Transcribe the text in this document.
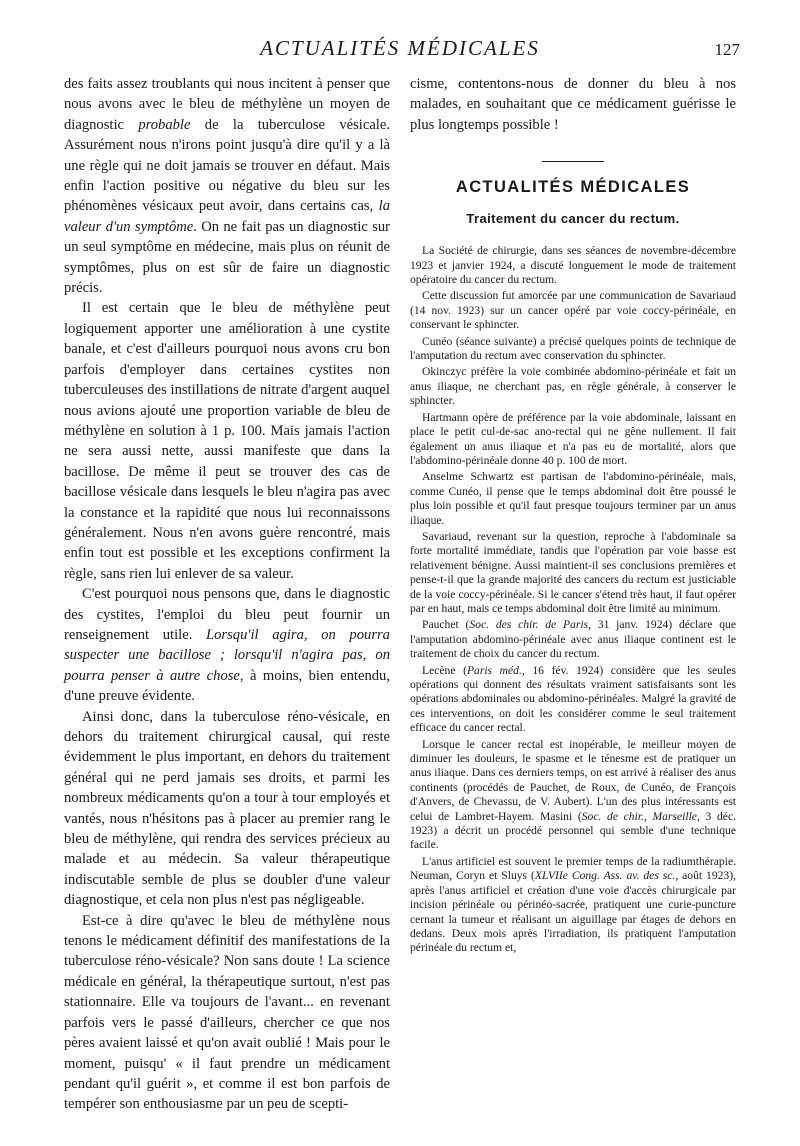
ACTUALITÉS MÉDICALES	127

des faits assez troublants qui nous incitent à penser que nous avons avec le bleu de méthylène un moyen de diagnostic probable de la tuberculose vésicale. Assurément nous n'irons point jusqu'à dire qu'il y a là une règle qui ne doit jamais se trouver en défaut. Mais enfin l'action positive ou négative du bleu sur les phénomènes vésicaux peut avoir, dans certains cas, la valeur d'un symptôme. On ne fait pas un diagnostic sur un seul symptôme en médecine, mais plus on réunit de symptômes, plus on est sûr de faire un diagnostic précis.

Il est certain que le bleu de méthylène peut logiquement apporter une amélioration à une cystite banale, et c'est d'ailleurs pourquoi nous avons cru bon parfois d'employer dans certaines cystites non tuberculeuses des instillations de nitrate d'argent auquel nous avions ajouté une proportion variable de bleu de méthylène en solution à 1 p. 100. Mais jamais l'action ne sera aussi nette, aussi manifeste que dans la bacillose. De même il peut se trouver des cas de bacillose vésicale dans lesquels le bleu n'agira pas avec la constance et la rapidité que nous lui reconnaissons généralement. Nous n'en avons guère rencontré, mais enfin tout est possible et les exceptions confirment la règle, sans rien lui enlever de sa valeur.

C'est pourquoi nous pensons que, dans le diagnostic des cystites, l'emploi du bleu peut fournir un renseignement utile. Lorsqu'il agira, on pourra suspecter une bacillose ; lorsqu'il n'agira pas, on pourra penser à autre chose, à moins, bien entendu, d'une preuve évidente.

Ainsi donc, dans la tuberculose réno-vésicale, en dehors du traitement chirurgical causal, qui reste évidemment le plus important, en dehors du traitement général qui ne perd jamais ses droits, et parmi les nombreux médicaments qu'on a tour à tour employés et vantés, nous n'hésitons pas à placer au premier rang le bleu de méthylène, qui rendra des services précieux au malade et au médecin. Sa valeur thérapeutique indiscutable semble de plus se doubler d'une valeur diagnostique, et cela non plus n'est pas négligeable.

Est-ce à dire qu'avec le bleu de méthylène nous tenons le médicament définitif des manifestations de la tuberculose réno-vésicale? Non sans doute ! La science médicale en général, la thérapeutique surtout, n'est pas stationnaire. Elle va toujours de l'avant... en revenant parfois vers le passé d'ailleurs, chercher ce que nos pères avaient laissé et qu'on avait oublié ! Mais pour le moment, puisqu' « il faut prendre un médicament pendant qu'il guérit », et comme il est bon parfois de tempérer son enthousiasme par un peu de scepti-

cisme, contentons-nous de donner du bleu à nos malades, en souhaitant que ce médicament guérisse le plus longtemps possible !

ACTUALITÉS MÉDICALES
Traitement du cancer du rectum.

La Société de chirurgie, dans ses séances de novembre-décembre 1923 et janvier 1924, a discuté longuement le mode de traitement opératoire du cancer du rectum.

Cette discussion fut amorcée par une communication de Savariaud (14 nov. 1923) sur un cancer opéré par voie coccy-périnéale, en conservant le sphincter.

Cunéo (séance suivante) a précisé quelques points de technique de l'amputation du rectum avec conservation du sphincter.

Okinczyc préfère la voie combinée abdomino-périnéale et fait un anus iliaque, ne cherchant pas, en règle générale, à conserver le sphincter.

Hartmann opère de préférence par la voie abdominale, laissant en place le petit cul-de-sac ano-rectal qui ne gêne nullement. Il fait également un anus iliaque et n'a pas eu de mortalité, alors que l'abdomino-périnéale donne 40 p. 100 de mort.

Anselme Schwartz est partisan de l'abdomino-périnéale, mais, comme Cunéo, il pense que le temps abdominal doit être poussé le plus loin possible et qu'il faut presque toujours terminer par un anus iliaque.

Savariaud, revenant sur la question, reproche à l'abdominale sa forte mortalité immédiate, tandis que l'opération par voie basse est relativement bénigne. Aussi maintient-il ses conclusions premières et pense-t-il que la grande majorité des cancers du rectum est justiciable de la voie coccy-périnéale. Si le cancer s'étend très haut, il faut opérer par en haut, mais ce temps abdominal doit être limité au minimum.

Pauchet (Soc. des chir. de Paris, 31 janv. 1924) déclare que l'amputation abdomino-périnéale avec anus iliaque continent est le traitement de choix du cancer du rectum.

Lecène (Paris méd., 16 fév. 1924) considère que les seules opérations qui donnent des résultats vraiment satisfaisants sont les opérations abdominales ou abdomino-périnéales. Malgré la gravité de ces interventions, on doit les considérer comme le seul traitement efficace du cancer rectal.

Lorsque le cancer rectal est inopérable, le meilleur moyen de diminuer les douleurs, le spasme et le ténesme est de pratiquer un anus iliaque. Dans ces derniers temps, on est arrivé à réaliser des anus continents (procédés de Pauchet, de Roux, de Cunéo, de François d'Anvers, de Chevassu, de V. Aubert). L'un des plus intéressants est celui de Lambret-Hayem. Masini (Soc. de chir., Marseille, 3 déc. 1923) a décrit un procédé personnel qui semble d'une technique facile.

L'anus artificiel est souvent le premier temps de la radiumthérapie. Neuman, Coryn et Sluys (XLVIIe Cong. Ass. av. des sc., août 1923), après l'anus artificiel et création d'une voie d'accès chirurgicale par incision périnéale ou périnéo-sacrée, pratiquent une curie-puncture cernant la tumeur et réalisant un aiguillage par étages de dehors en dedans. Deux mois après l'irradiation, ils pratiquent l'amputation périnéale du rectum et,
